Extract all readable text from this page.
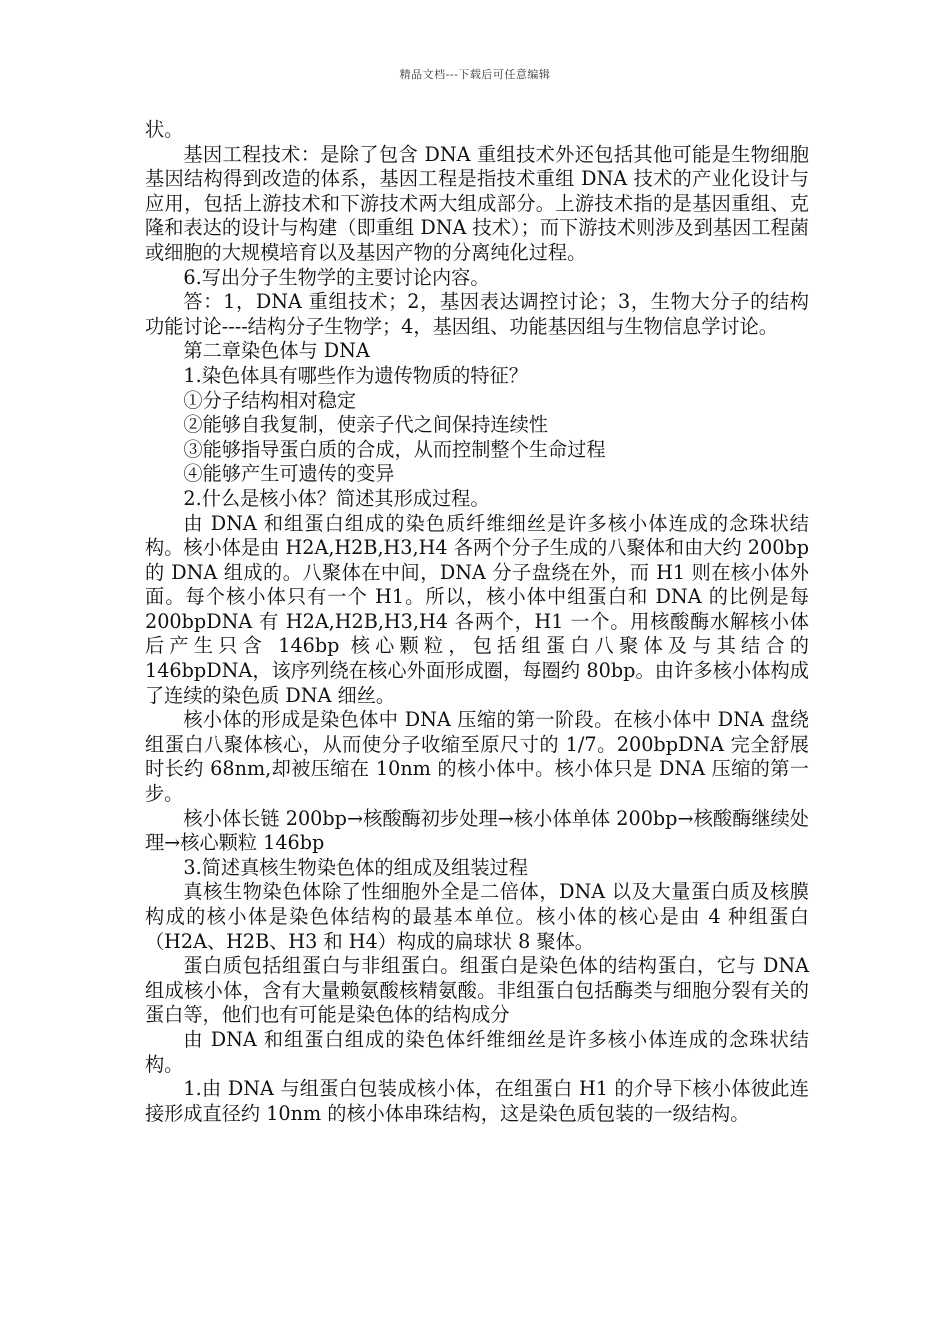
精品文档---下载后可任意编辑

状。

基因工程技术：是除了包含 DNA 重组技术外还包括其他可能是生物细胞基因结构得到改造的体系，基因工程是指技术重组 DNA 技术的产业化设计与应用，包括上游技术和下游技术两大组成部分。上游技术指的是基因重组、克隆和表达的设计与构建（即重组 DNA 技术）；而下游技术则涉及到基因工程菌或细胞的大规模培育以及基因产物的分离纯化过程。

6.写出分子生物学的主要讨论内容。

答：1，DNA 重组技术；2，基因表达调控讨论；3，生物大分子的结构功能讨论----结构分子生物学；4，基因组、功能基因组与生物信息学讨论。

第二章染色体与 DNA

1.染色体具有哪些作为遗传物质的特征？

①分子结构相对稳定

②能够自我复制，使亲子代之间保持连续性

③能够指导蛋白质的合成，从而控制整个生命过程

④能够产生可遗传的变异

2.什么是核小体？简述其形成过程。

由 DNA 和组蛋白组成的染色质纤维细丝是许多核小体连成的念珠状结构。核小体是由 H2A,H2B,H3,H4 各两个分子生成的八聚体和由大约 200bp 的 DNA 组成的。八聚体在中间，DNA 分子盘绕在外，而 H1 则在核小体外面。每个核小体只有一个 H1。所以，核小体中组蛋白和 DNA 的比例是每 200bpDNA 有 H2A,H2B,H3,H4 各两个，H1 一个。用核酸酶水解核小体后产生只含 146bp 核心颗粒，包括组蛋白八聚体及与其结合的 146bpDNA，该序列绕在核心外面形成圈，每圈约 80bp。由许多核小体构成了连续的染色质 DNA 细丝。

核小体的形成是染色体中 DNA 压缩的第一阶段。在核小体中 DNA 盘绕组蛋白八聚体核心，从而使分子收缩至原尺寸的 1/7。200bpDNA 完全舒展时长约 68nm,却被压缩在 10nm 的核小体中。核小体只是 DNA 压缩的第一步。

核小体长链 200bp→核酸酶初步处理→核小体单体 200bp→核酸酶继续处理→核心颗粒 146bp

3.简述真核生物染色体的组成及组装过程

真核生物染色体除了性细胞外全是二倍体，DNA 以及大量蛋白质及核膜构成的核小体是染色体结构的最基本单位。核小体的核心是由 4 种组蛋白（H2A、H2B、H3 和 H4）构成的扁球状 8 聚体。

蛋白质包括组蛋白与非组蛋白。组蛋白是染色体的结构蛋白，它与 DNA 组成核小体，含有大量赖氨酸核精氨酸。非组蛋白包括酶类与细胞分裂有关的蛋白等，他们也有可能是染色体的结构成分

由 DNA 和组蛋白组成的染色体纤维细丝是许多核小体连成的念珠状结构。

1.由 DNA 与组蛋白包装成核小体，在组蛋白 H1 的介导下核小体彼此连接形成直径约 10nm 的核小体串珠结构，这是染色质包装的一级结构。
